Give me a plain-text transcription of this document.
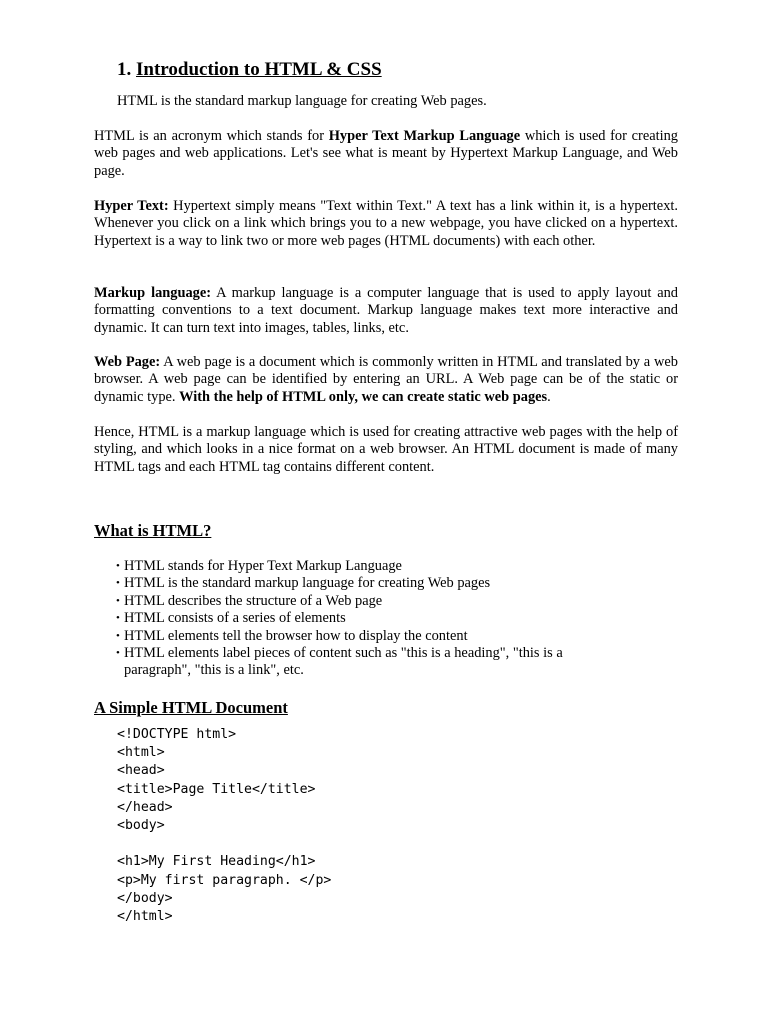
1. Introduction to HTML & CSS

HTML is the standard markup language for creating Web pages.

HTML is an acronym which stands for Hyper Text Markup Language which is used for creating web pages and web applications. Let's see what is meant by Hypertext Markup Language, and Web page.

Hyper Text: Hypertext simply means "Text within Text." A text has a link within it, is a hypertext. Whenever you click on a link which brings you to a new webpage, you have clicked on a hypertext. Hypertext is a way to link two or more web pages (HTML documents) with each other.

Markup language: A markup language is a computer language that is used to apply layout and formatting conventions to a text document. Markup language makes text more interactive and dynamic. It can turn text into images, tables, links, etc.

Web Page: A web page is a document which is commonly written in HTML and translated by a web browser. A web page can be identified by entering an URL. A Web page can be of the static or dynamic type. With the help of HTML only, we can create static web pages.

Hence, HTML is a markup language which is used for creating attractive web pages with the help of styling, and which looks in a nice format on a web browser. An HTML document is made of many HTML tags and each HTML tag contains different content.

What is HTML?
• HTML stands for Hyper Text Markup Language
• HTML is the standard markup language for creating Web pages
• HTML describes the structure of a Web page
• HTML consists of a series of elements
• HTML elements tell the browser how to display the content
• HTML elements label pieces of content such as "this is a heading", "this is a paragraph", "this is a link", etc.
A Simple HTML Document
<!DOCTYPE html>
<html>
<head>
<title>Page Title</title>
</head>
<body>
<h1>My First Heading</h1>
<p>My first paragraph. </p>
</body>
</html>
